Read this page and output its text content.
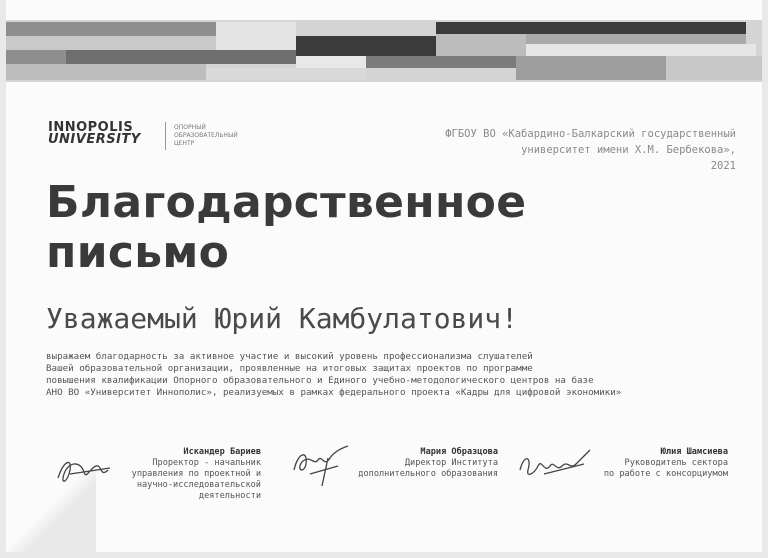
INNOPOLIS
UNIVERSITY
ОПОРНЫЙ ОБРАЗОВАТЕЛЬНЫЙ ЦЕНТР
ФГБОУ ВО «Кабардино-Балкарский государственный
университет имени Х.М. Бербекова»,
2021
Благодарственное
письмо
Уважаемый Юрий Камбулатович!
выражаем благодарность за активное участие и высокий уровень профессионализма слушателей
Вашей образовательной организации, проявленные на итоговых защитах проектов по программе
повышения квалификации Опорного образовательного и Единого учебно-методологического центров на базе
АНО ВО «Университет Иннополис», реализуемых в рамках федерального проекта «Кадры для цифровой экономики»
Искандер Бариев
Проректор - начальник
управления по проектной и
научно-исследовательской
деятельности
Мария Образцова
Директор Института
дополнительного образования
Юлия Шамсиева
Руководитель сектора
по работе с консорциумом
